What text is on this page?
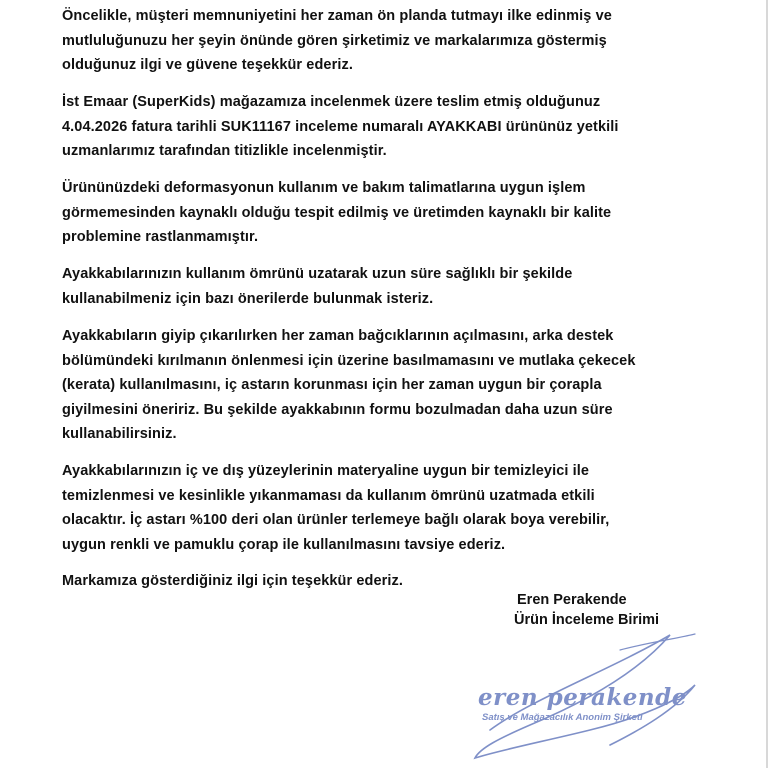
Öncelikle, müşteri memnuniyetini her zaman ön planda tutmayı ilke edinmiş ve
mutluluğunuzu her şeyin önünde gören şirketimiz ve markalarımıza göstermiş
olduğunuz ilgi ve güvene teşekkür ederiz.
İst Emaar (SuperKids) mağazamıza incelenmek üzere teslim etmiş olduğunuz
4.04.2026 fatura tarihli SUK11167 inceleme numaralı AYAKKABI ürününüz yetkili
uzmanlarımız tarafından titizlikle incelenmiştir.
Ürününüzdeki deformasyonun kullanım ve bakım talimatlarına uygun işlem
görmemesinden kaynaklı olduğu tespit edilmiş ve üretimden kaynaklı bir kalite
problemine rastlanmamıştır.
Ayakkabılarınızın kullanım ömrünü uzatarak uzun süre sağlıklı bir şekilde
kullanabilmeniz için bazı önerilerde bulunmak isteriz.
Ayakkabıların giyip çıkarılırken her zaman bağcıklarının açılmasını, arka destek
bölümündeki kırılmanın önlenmesi için üzerine basılmamasını ve mutlaka çekecek
(kerata) kullanılmasını, iç astarın korunması için her zaman uygun bir çorapla
giyilmesini öneririz. Bu şekilde ayakkabının formu bozulmadan daha uzun süre
kullanabilirsiniz.
Ayakkabılarınızın iç ve dış yüzeylerinin materyaline uygun bir temizleyici ile
temizlenmesi ve kesinlikle yıkanmaması da kullanım ömrünü uzatmada etkili
olacaktır. İç astarı %100 deri olan ürünler terlemeye bağlı olarak boya verebilir,
uygun renkli ve pamuklu çorap ile kullanılmasını tavsiye ederiz.
Markamıza gösterdiğiniz ilgi için teşekkür ederiz.
Eren Perakende
Ürün İnceleme Birimi
eren perakende
Satış ve Mağazacılık Anonim Şirketi
